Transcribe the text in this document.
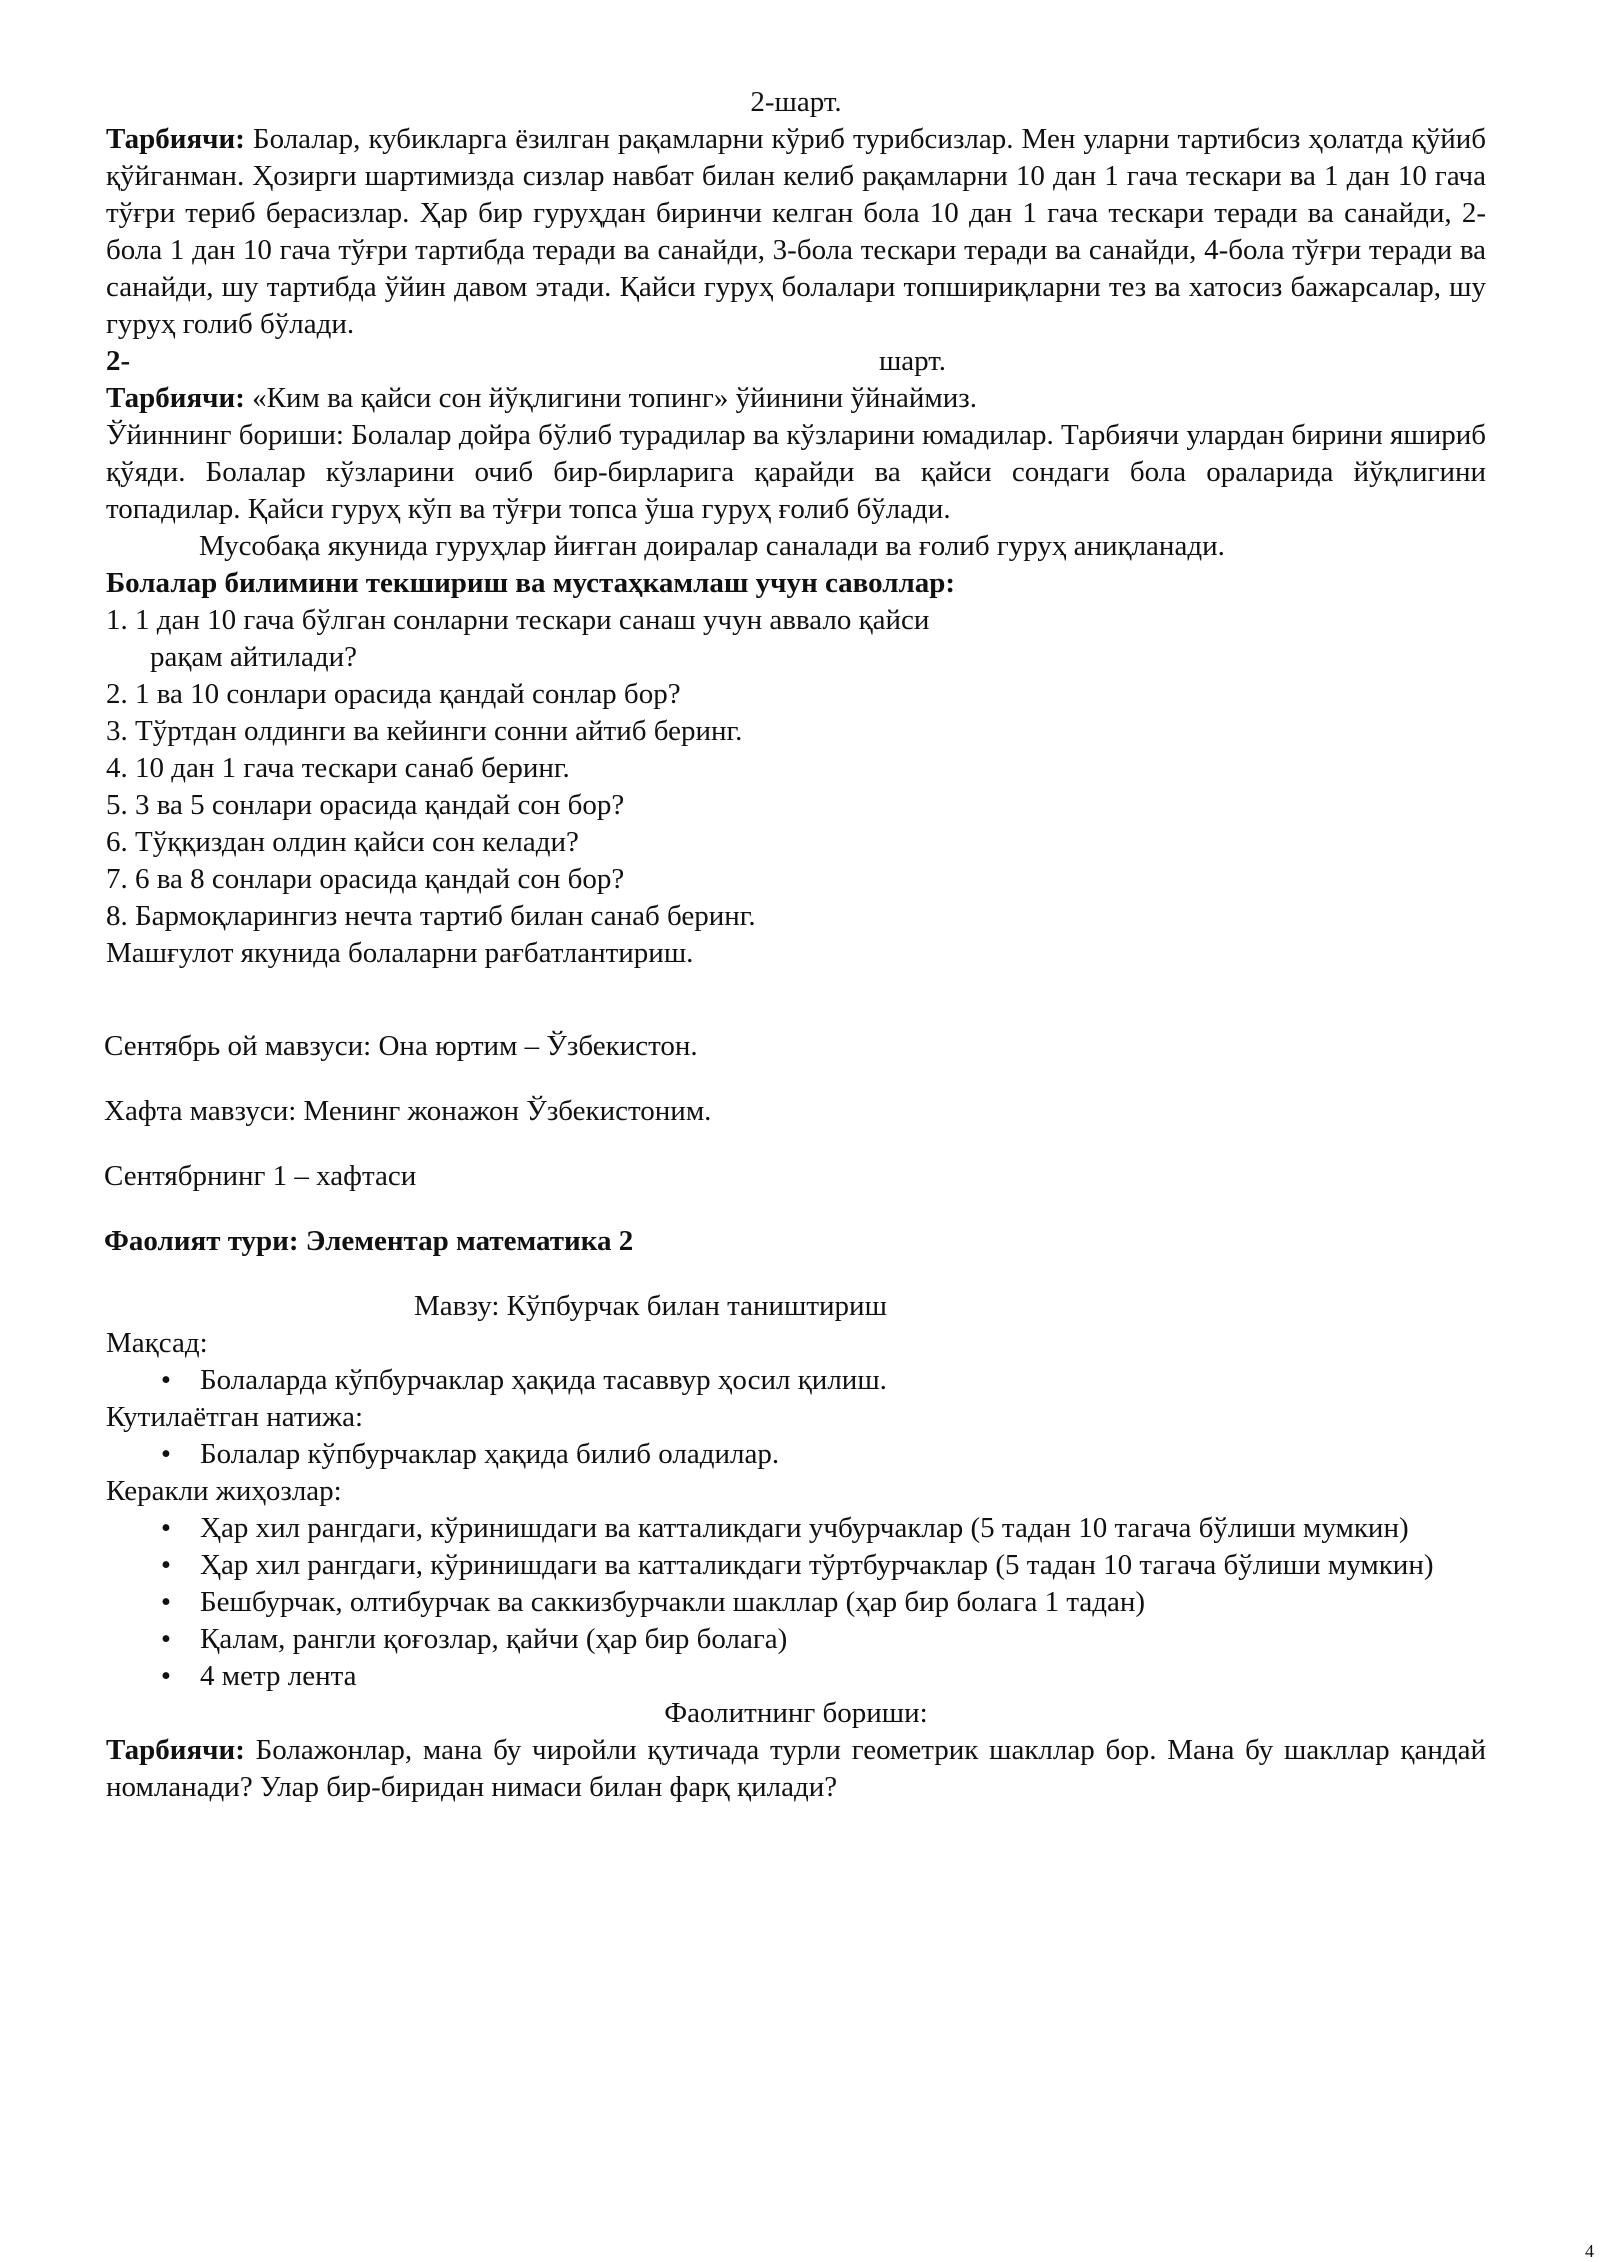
2-шарт.

Тарбиячи: Болалар, кубикларга ёзилган рақамларни кўриб турибсизлар. Мен уларни тартибсиз ҳолатда қўйиб қўйганман. Ҳозирги шартимизда сизлар навбат билан келиб рақамларни 10 дан 1 гача тескари ва 1 дан 10 гача тўғри териб берасизлар. Ҳар бир гуруҳдан биринчи келган бола 10 дан 1 гача тескари теради ва санайди, 2-бола 1 дан 10 гача тўғри тартибда теради ва санайди, 3-бола тескари теради ва санайди, 4-бола тўғри теради ва санайди, шу тартибда ўйин давом этади. Қайси гуруҳ болалари топшириқларни тез ва хатосиз бажарсалар, шу гуруҳ голиб бўлади.

2-	шарт.

Тарбиячи: «Ким ва қайси сон йўқлигини топинг» ўйинини ўйнаймиз.

Ўйиннинг бориши: Болалар дойра бўлиб турадилар ва кўзларини юмадилар. Тарбиячи улардан бирини яшириб қўяди. Болалар кўзларини очиб бир-бирларига қарайди ва қайси сондаги бола ораларида йўқлигини топадилар. Қайси гуруҳ кўп ва тўғри топса ўша гуруҳ ғолиб бўлади.

Мусобақа якунида гуруҳлар йиғган доиралар саналади ва ғолиб гуруҳ аниқланади.

Болалар билимини текшириш ва мустаҳкамлаш учун саволлар:

1. 1 дан 10 гача бўлган сонларни тескари санаш учун аввало қайси

рақам айтилади?

2. 1 ва 10 сонлари орасида қандай сонлар бор?

3. Тўртдан олдинги ва кейинги сонни айтиб беринг.

4. 10 дан 1 гача тескари санаб беринг.

5. 3 ва 5 сонлари орасида қандай сон бор?

6. Тўққиздан олдин қайси сон келади?

7. 6 ва 8 сонлари орасида қандай сон бор?

8. Бармоқларингиз нечта тартиб билан санаб беринг.

Машғулот якунида болаларни рағбатлантириш.

Сентябрь ой мавзуси: Она юртим – Ўзбекистон.

Хафта мавзуси: Менинг жонажон Ўзбекистоним.

Сентябрнинг 1 – хафтаси

Фаолият тури: Элементар математика 2

Мавзу: Кўпбурчак билан таништириш

Мақсад:

• Болаларда кўпбурчаклар ҳақида тасаввур ҳосил қилиш.

Кутилаётган натижа:

• Болалар кўпбурчаклар ҳақида билиб оладилар.

Керакли жиҳозлар:

• Ҳар хил рангдаги, кўринишдаги ва катталикдаги учбурчаклар (5 тадан 10 тагача бўлиши мумкин)
• Ҳар хил рангдаги, кўринишдаги ва катталикдаги тўртбурчаклар (5 тадан 10 тагача бўлиши мумкин)
• Бешбурчак, олтибурчак ва саккизбурчакли шакллар (ҳар бир болага 1 тадан)
• Қалам, рангли қоғозлар, қайчи (ҳар бир болага)
• 4 метр лента

Фаолитнинг бориши:

Тарбиячи: Болажонлар, мана бу чиройли қутичада турли геометрик шакллар бор. Мана бу шакллар қандай номланади? Улар бир-биридан нимаси билан фарқ қилади?

4
